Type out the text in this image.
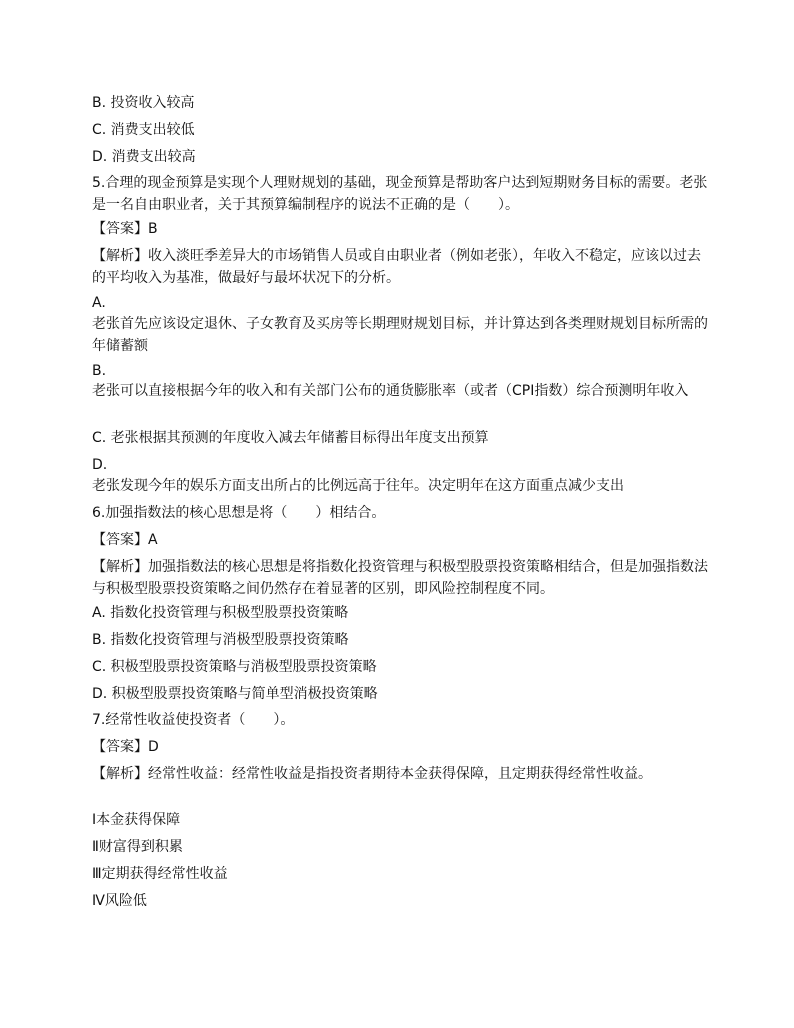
B. 投资收入较高
C. 消费支出较低
D. 消费支出较高
5.合理的现金预算是实现个人理财规划的基础，现金预算是帮助客户达到短期财务目标的需要。老张是一名自由职业者，关于其预算编制程序的说法不正确的是（　　）。
【答案】B
【解析】收入淡旺季差异大的市场销售人员或自由职业者（例如老张），年收入不稳定，应该以过去的平均收入为基准，做最好与最坏状况下的分析。
A.
老张首先应该设定退休、子女教育及买房等长期理财规划目标，并计算达到各类理财规划目标所需的年储蓄额
B.
老张可以直接根据今年的收入和有关部门公布的通货膨胀率（或者（CPI指数）综合预测明年收入
C. 老张根据其预测的年度收入减去年储蓄目标得出年度支出预算
D.
老张发现今年的娱乐方面支出所占的比例远高于往年。决定明年在这方面重点减少支出
6.加强指数法的核心思想是将（　　）相结合。
【答案】A
【解析】加强指数法的核心思想是将指数化投资管理与积极型股票投资策略相结合，但是加强指数法与积极型股票投资策略之间仍然存在着显著的区别，即风险控制程度不同。
A. 指数化投资管理与积极型股票投资策略
B. 指数化投资管理与消极型股票投资策略
C. 积极型股票投资策略与消极型股票投资策略
D. 积极型股票投资策略与简单型消极投资策略
7.经常性收益使投资者（　　）。
【答案】D
【解析】经常性收益：经常性收益是指投资者期待本金获得保障，且定期获得经常性收益。
Ⅰ本金获得保障
Ⅱ财富得到积累
Ⅲ定期获得经常性收益
Ⅳ风险低
